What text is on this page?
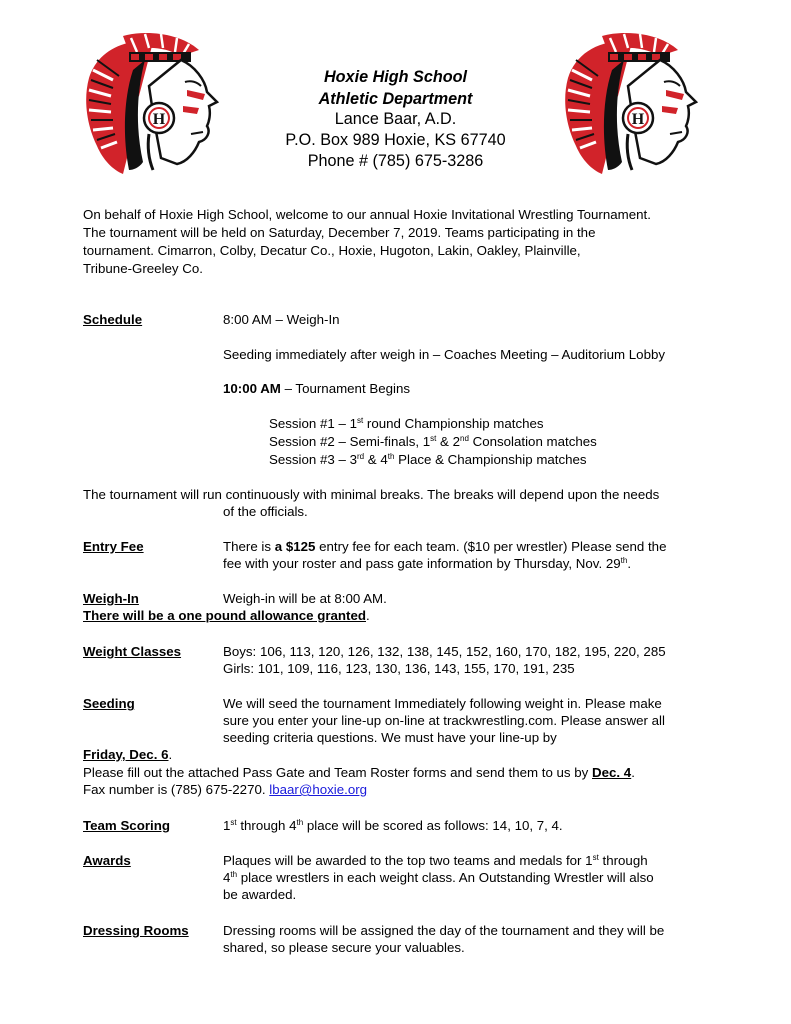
H	H
Hoxie High School
Athletic Department
Lance Baar, A.D.
P.O. Box 989 Hoxie, KS 67740
Phone # (785) 675-3286
On behalf of Hoxie High School, welcome to our annual Hoxie Invitational Wrestling Tournament.
The tournament will be held on Saturday, December 7, 2019. Teams participating in the
tournament. Cimarron, Colby, Decatur Co., Hoxie, Hugoton, Lakin, Oakley, Plainville,
Tribune-Greeley Co.
Schedule	8:00 AM – Weigh-In
Seeding immediately after weigh in – Coaches Meeting – Auditorium Lobby
10:00 AM – Tournament Begins
Session #1 – 1st round Championship matches
Session #2 – Semi-finals, 1st & 2nd Consolation matches
Session #3 – 3rd & 4th Place & Championship matches
The tournament will run continuously with minimal breaks. The breaks will depend upon the needs
of the officials.
Entry Fee	There is a $125 entry fee for each team. ($10 per wrestler) Please send the
fee with your roster and pass gate information by Thursday, Nov. 29th.
Weigh-In	Weigh-in will be at 8:00 AM.
There will be a one pound allowance granted.
Weight Classes	Boys: 106, 113, 120, 126, 132, 138, 145, 152, 160, 170, 182, 195, 220, 285
Girls: 101, 109, 116, 123, 130, 136, 143, 155, 170, 191, 235
Seeding	We will seed the tournament Immediately following weight in. Please make
sure you enter your line-up on-line at trackwrestling.com. Please answer all
seeding criteria questions. We must have your line-up by
Friday, Dec. 6.
Please fill out the attached Pass Gate and Team Roster forms and send them to us by Dec. 4.
Fax number is (785) 675-2270. lbaar@hoxie.org
Team Scoring	1st through 4th place will be scored as follows: 14, 10, 7, 4.
Awards	Plaques will be awarded to the top two teams and medals for 1st through
4th place wrestlers in each weight class. An Outstanding Wrestler will also
be awarded.
Dressing Rooms	Dressing rooms will be assigned the day of the tournament and they will be
shared, so please secure your valuables.
